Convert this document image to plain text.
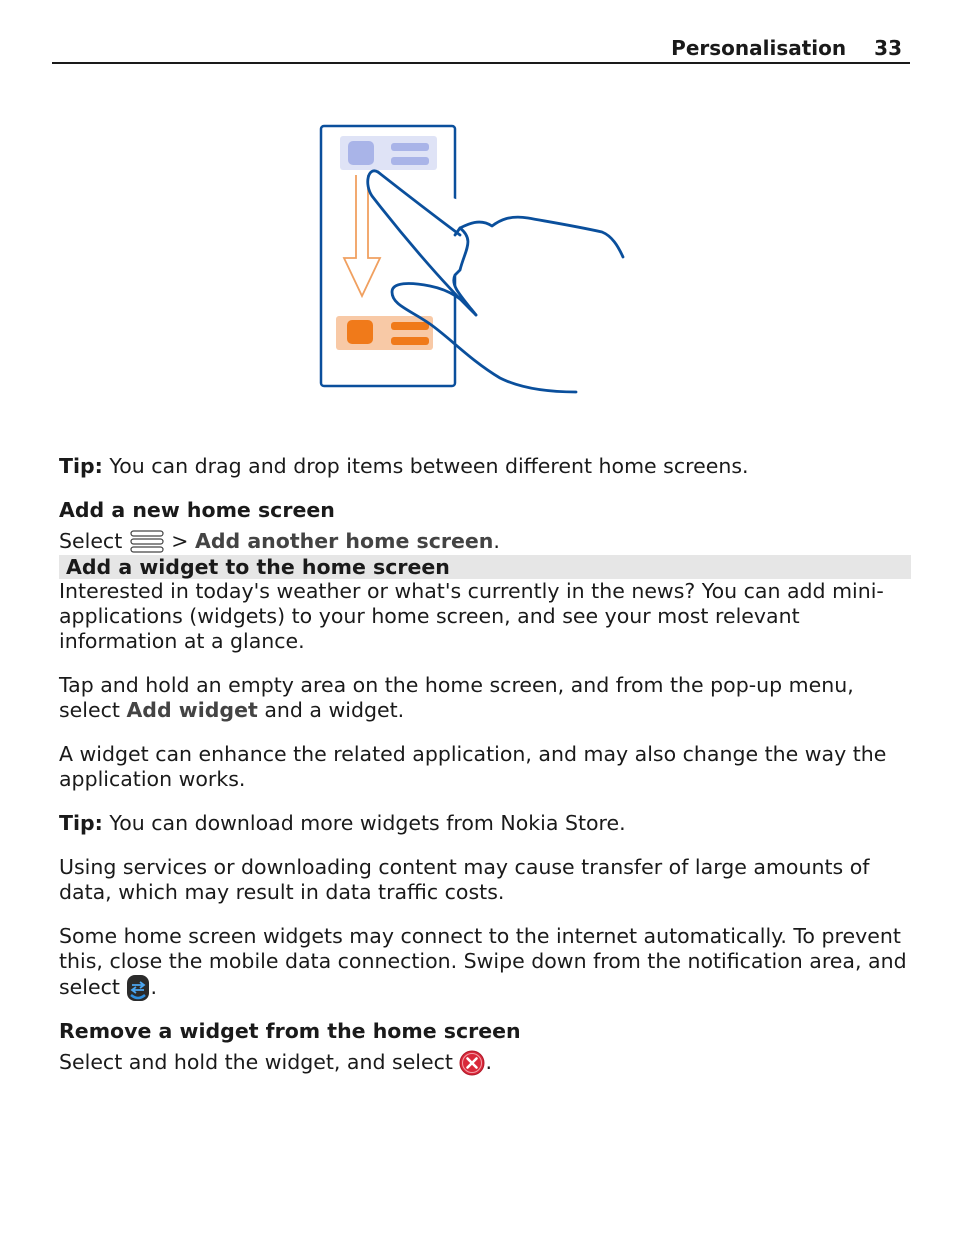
Personalisation 33

Tip: You can drag and drop items between different home screens.

Add a new home screen

Select  > Add another home screen.

Add a widget to the home screen

Interested in today's weather or what's currently in the news? You can add mini-applications (widgets) to your home screen, and see your most relevant information at a glance.

Tap and hold an empty area on the home screen, and from the pop-up menu, select Add widget and a widget.

A widget can enhance the related application, and may also change the way the application works.

Tip: You can download more widgets from Nokia Store.

Using services or downloading content may cause transfer of large amounts of data, which may result in data traffic costs.

Some home screen widgets may connect to the internet automatically. To prevent this, close the mobile data connection. Swipe down from the notification area, and select .

Remove a widget from the home screen

Select and hold the widget, and select .
